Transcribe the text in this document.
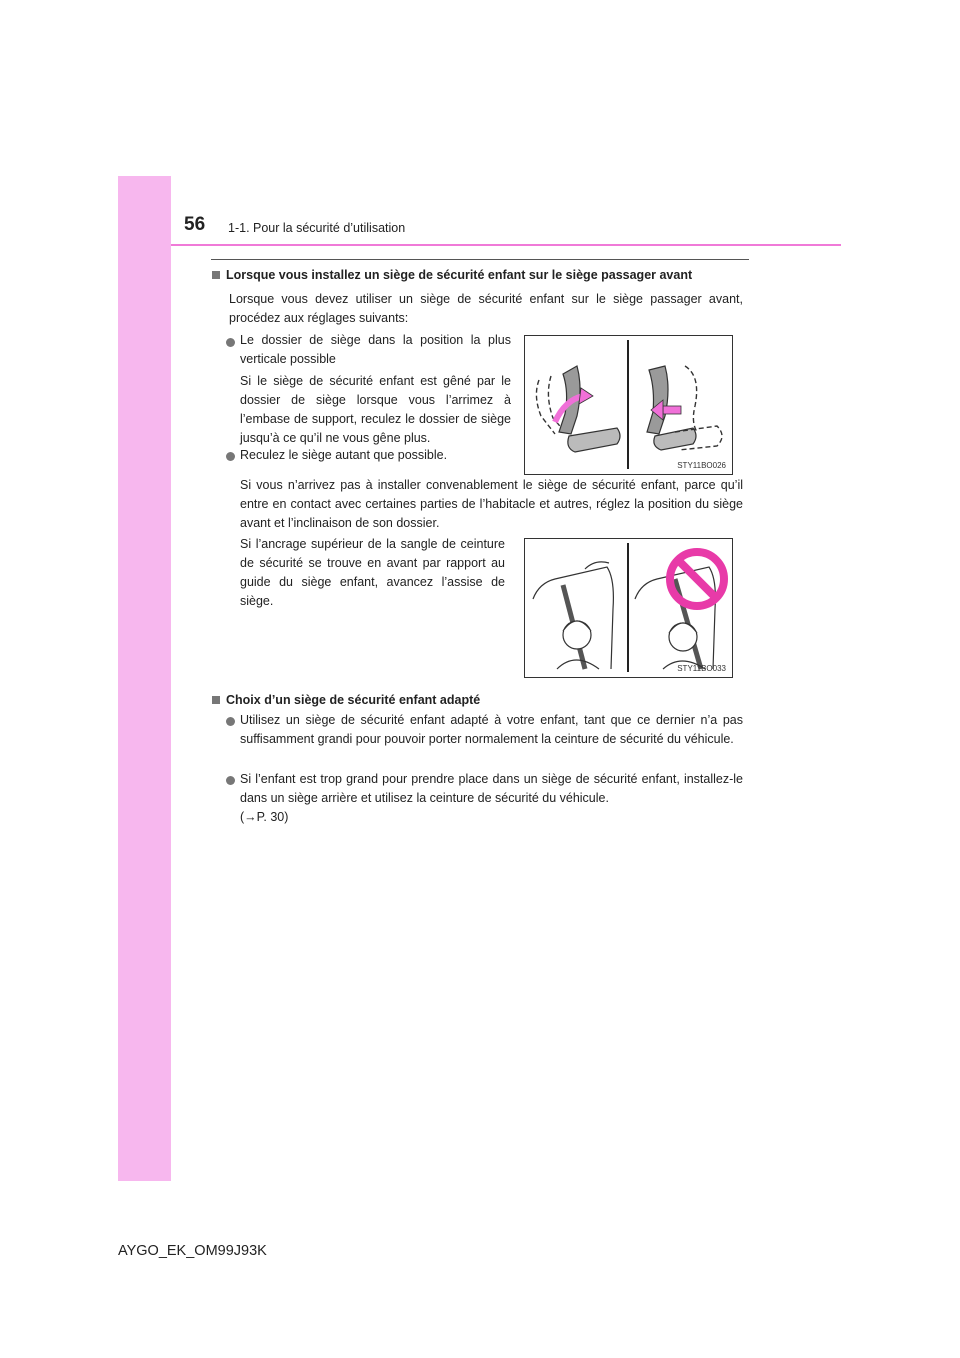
56 1-1. Pour la sécurité d’utilisation
Lorsque vous installez un siège de sécurité enfant sur le siège passager avant
Lorsque vous devez utiliser un siège de sécurité enfant sur le siège passager avant, procédez aux réglages suivants:
Le dossier de siège dans la position la plus verticale possible
Si le siège de sécurité enfant est gêné par le dossier de siège lorsque vous l’arrimez à l’embase de support, reculez le dossier de siège jusqu’à ce qu’il ne vous gêne plus.
Reculez le siège autant que possible.
Si vous n’arrivez pas à installer convenablement le siège de sécurité enfant, parce qu’il entre en contact avec certaines parties de l’habitacle et autres, réglez la position du siège avant et l’inclinaison de son dossier.
Si l’ancrage supérieur de la sangle de ceinture de sécurité se trouve en avant par rapport au guide du siège enfant, avancez l’assise de siège.
STY11BO026
STY11BO033
Choix d’un siège de sécurité enfant adapté
Utilisez un siège de sécurité enfant adapté à votre enfant, tant que ce dernier n’a pas suffisamment grandi pour pouvoir porter normalement la ceinture de sécurité du véhicule.
Si l’enfant est trop grand pour prendre place dans un siège de sécurité enfant, installez-le dans un siège arrière et utilisez la ceinture de sécurité du véhicule.
(→P. 30)
AYGO_EK_OM99J93K
